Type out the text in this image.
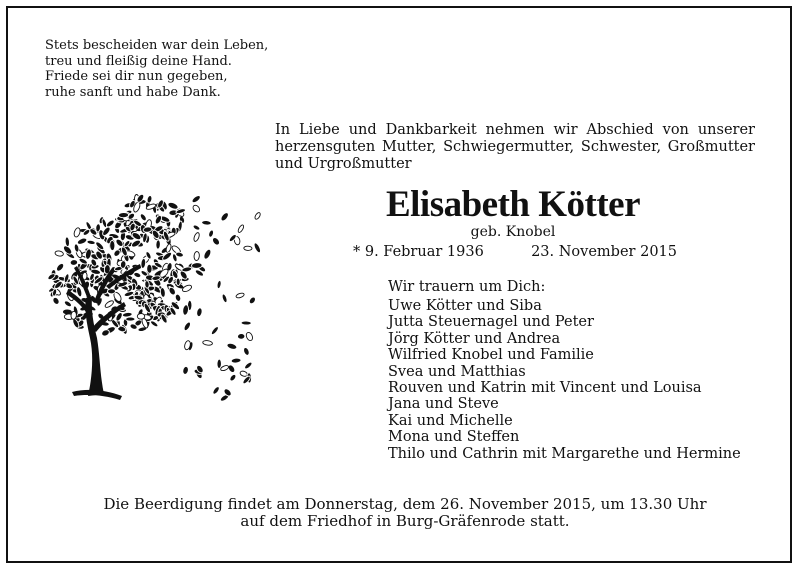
Stets bescheiden war dein Leben,
treu und fleißig deine Hand.
Friede sei dir nun gegeben,
ruhe sanft und habe Dank.
In Liebe und Dankbarkeit nehmen wir Abschied von unserer herzensguten Mutter, Schwiegermutter, Schwester, Großmutter und Urgroßmutter
Elisabeth Kötter
geb. Knobel
* 9. Februar 1936	23. November 2015
Wir trauern um Dich:
Uwe Kötter und Siba
Jutta Steuernagel und Peter
Jörg Kötter und Andrea
Wilfried Knobel und Familie
Svea und Matthias
Rouven und Katrin mit Vincent und Louisa
Jana und Steve
Kai und Michelle
Mona und Steffen
Thilo und Cathrin mit Margarethe und Hermine
Die Beerdigung findet am Donnerstag, dem 26. November 2015, um 13.30 Uhr
auf dem Friedhof in Burg-Gräfenrode statt.
